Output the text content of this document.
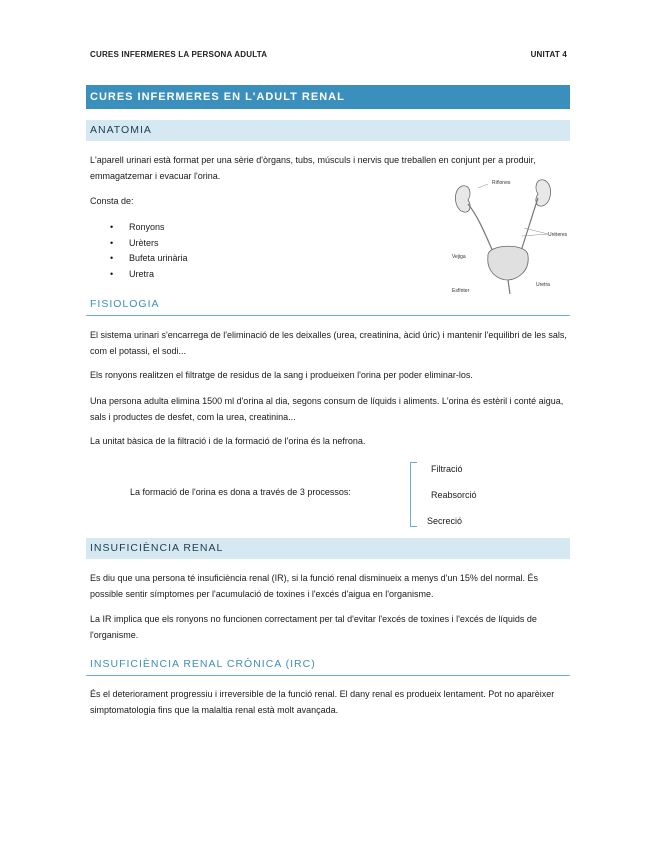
CURES INFERMERES LA PERSONA ADULTA	UNITAT 4
CURES INFERMERES EN L'ADULT RENAL
ANATOMIA
L'aparell urinari està format per una sèrie d'òrgans, tubs, músculs i nervis que treballen en conjunt per a produir, emmagatzemar i evacuar l'orina.
Consta de:
• Ronyons
• Urèters
• Bufeta urinària
• Uretra
Riñones
Uréteres
Vejiga
Esfínter
Uretra
FISIOLOGIA
El sistema urinari s'encarrega de l'eliminació de les deixalles (urea, creatinina, àcid úric) i mantenir l'equilibri de les sals, com el potassi, el sodi...
Els ronyons realitzen el filtratge de residus de la sang i produeixen l'orina per poder eliminar-los.
Una persona adulta elimina 1500 ml d'orina al dia, segons consum de líquids i aliments. L'orina és estèril i conté aigua, sals i productes de desfet, com la urea, creatinina...
La unitat bàsica de la filtració i de la formació de l'orina és la nefrona.
La formació de l'orina es dona a través de 3 processos:
Filtració
Reabsorció
Secreció
INSUFICIÈNCIA RENAL
Es diu que una persona té insuficiència renal (IR), si la funció renal disminueix a menys d'un 15% del normal. És possible sentir símptomes per l'acumulació de toxines i l'excés d'aigua en l'organisme.
La IR implica que els ronyons no funcionen correctament per tal d'evitar l'excés de toxines i l'excés de líquids de l'organisme.
INSUFICIÈNCIA RENAL CRÒNICA (IRC)
És el deteriorament progressiu i irreversible de la funció renal. El dany renal es produeix lentament. Pot no aparèixer simptomatologia fins que la malaltia renal està molt avançada.
